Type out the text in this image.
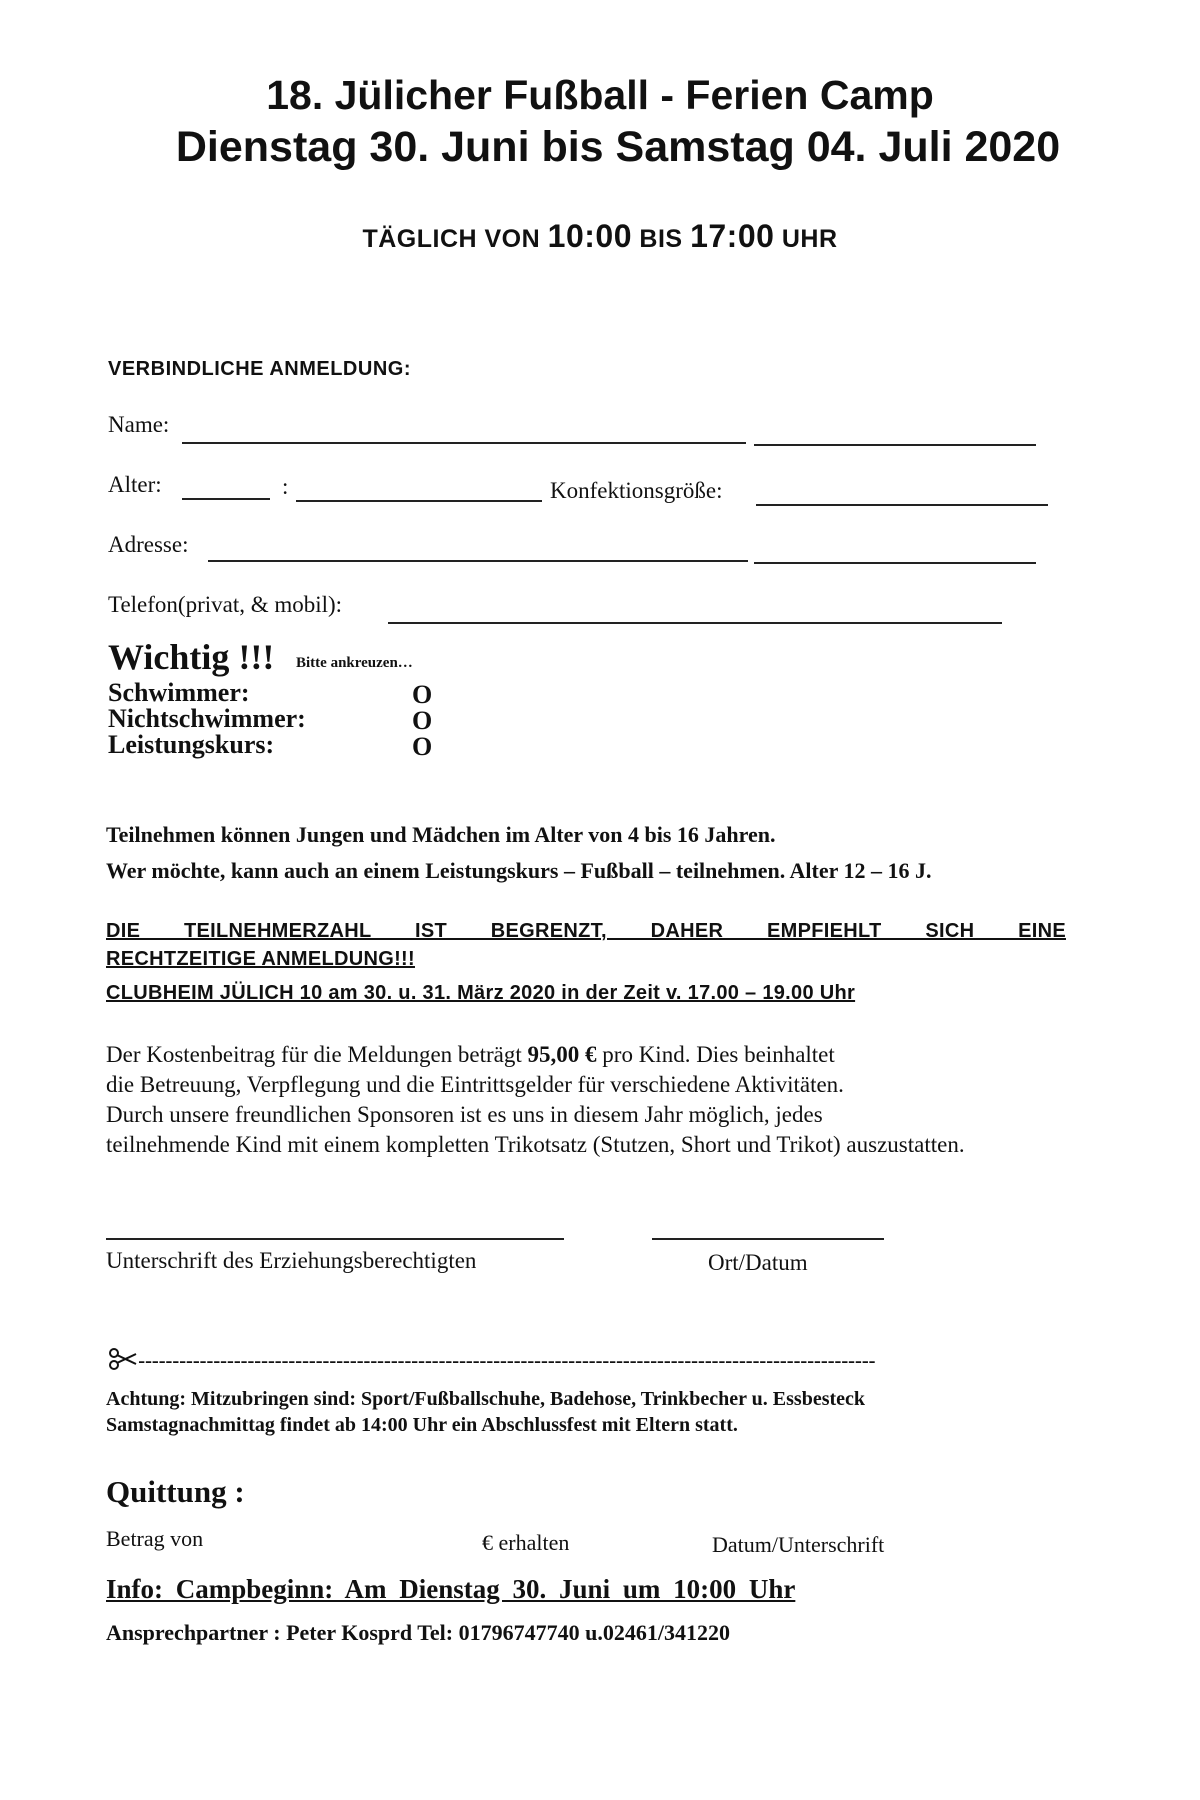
18. Jülicher Fußball - Ferien Camp
Dienstag 30. Juni bis Samstag 04. Juli 2020
TÄGLICH VON 10:00 BIS 17:00 UHR
VERBINDLICHE ANMELDUNG:
Name:
Alter:	:	Konfektionsgröße:
Adresse:
Telefon(privat, & mobil):
Wichtig !!! Bitte ankreuzen…
Schwimmer:	O
Nichtschwimmer:	O
Leistungskurs:	O
Teilnehmen können Jungen und Mädchen im Alter von 4 bis 16 Jahren.
Wer möchte, kann auch an einem Leistungskurs – Fußball – teilnehmen. Alter 12 – 16 J.
DIE TEILNEHMERZAHL IST BEGRENZT, DAHER EMPFIEHLT SICH EINE
RECHTZEITIGE ANMELDUNG!!!
CLUBHEIM JÜLICH 10 am 30. u. 31. März 2020 in der Zeit v. 17.00 – 19.00 Uhr
Der Kostenbeitrag für die Meldungen beträgt 95,00 € pro Kind. Dies beinhaltet
die Betreuung, Verpflegung und die Eintrittsgelder für verschiedene Aktivitäten.
Durch unsere freundlichen Sponsoren ist es uns in diesem Jahr möglich, jedes
teilnehmende Kind mit einem kompletten Trikotsatz (Stutzen, Short und Trikot) auszustatten.
Unterschrift des Erziehungsberechtigten	Ort/Datum
------------------------------------------------------------------------------------------------------------
Achtung: Mitzubringen sind: Sport/Fußballschuhe, Badehose, Trinkbecher u. Essbesteck
Samstagnachmittag findet ab 14:00 Uhr ein Abschlussfest mit Eltern statt.
Quittung :
Betrag von	€ erhalten	Datum/Unterschrift
Info: Campbeginn: Am Dienstag 30. Juni um 10:00 Uhr
Ansprechpartner : Peter Kosprd Tel: 01796747740 u.02461/341220
